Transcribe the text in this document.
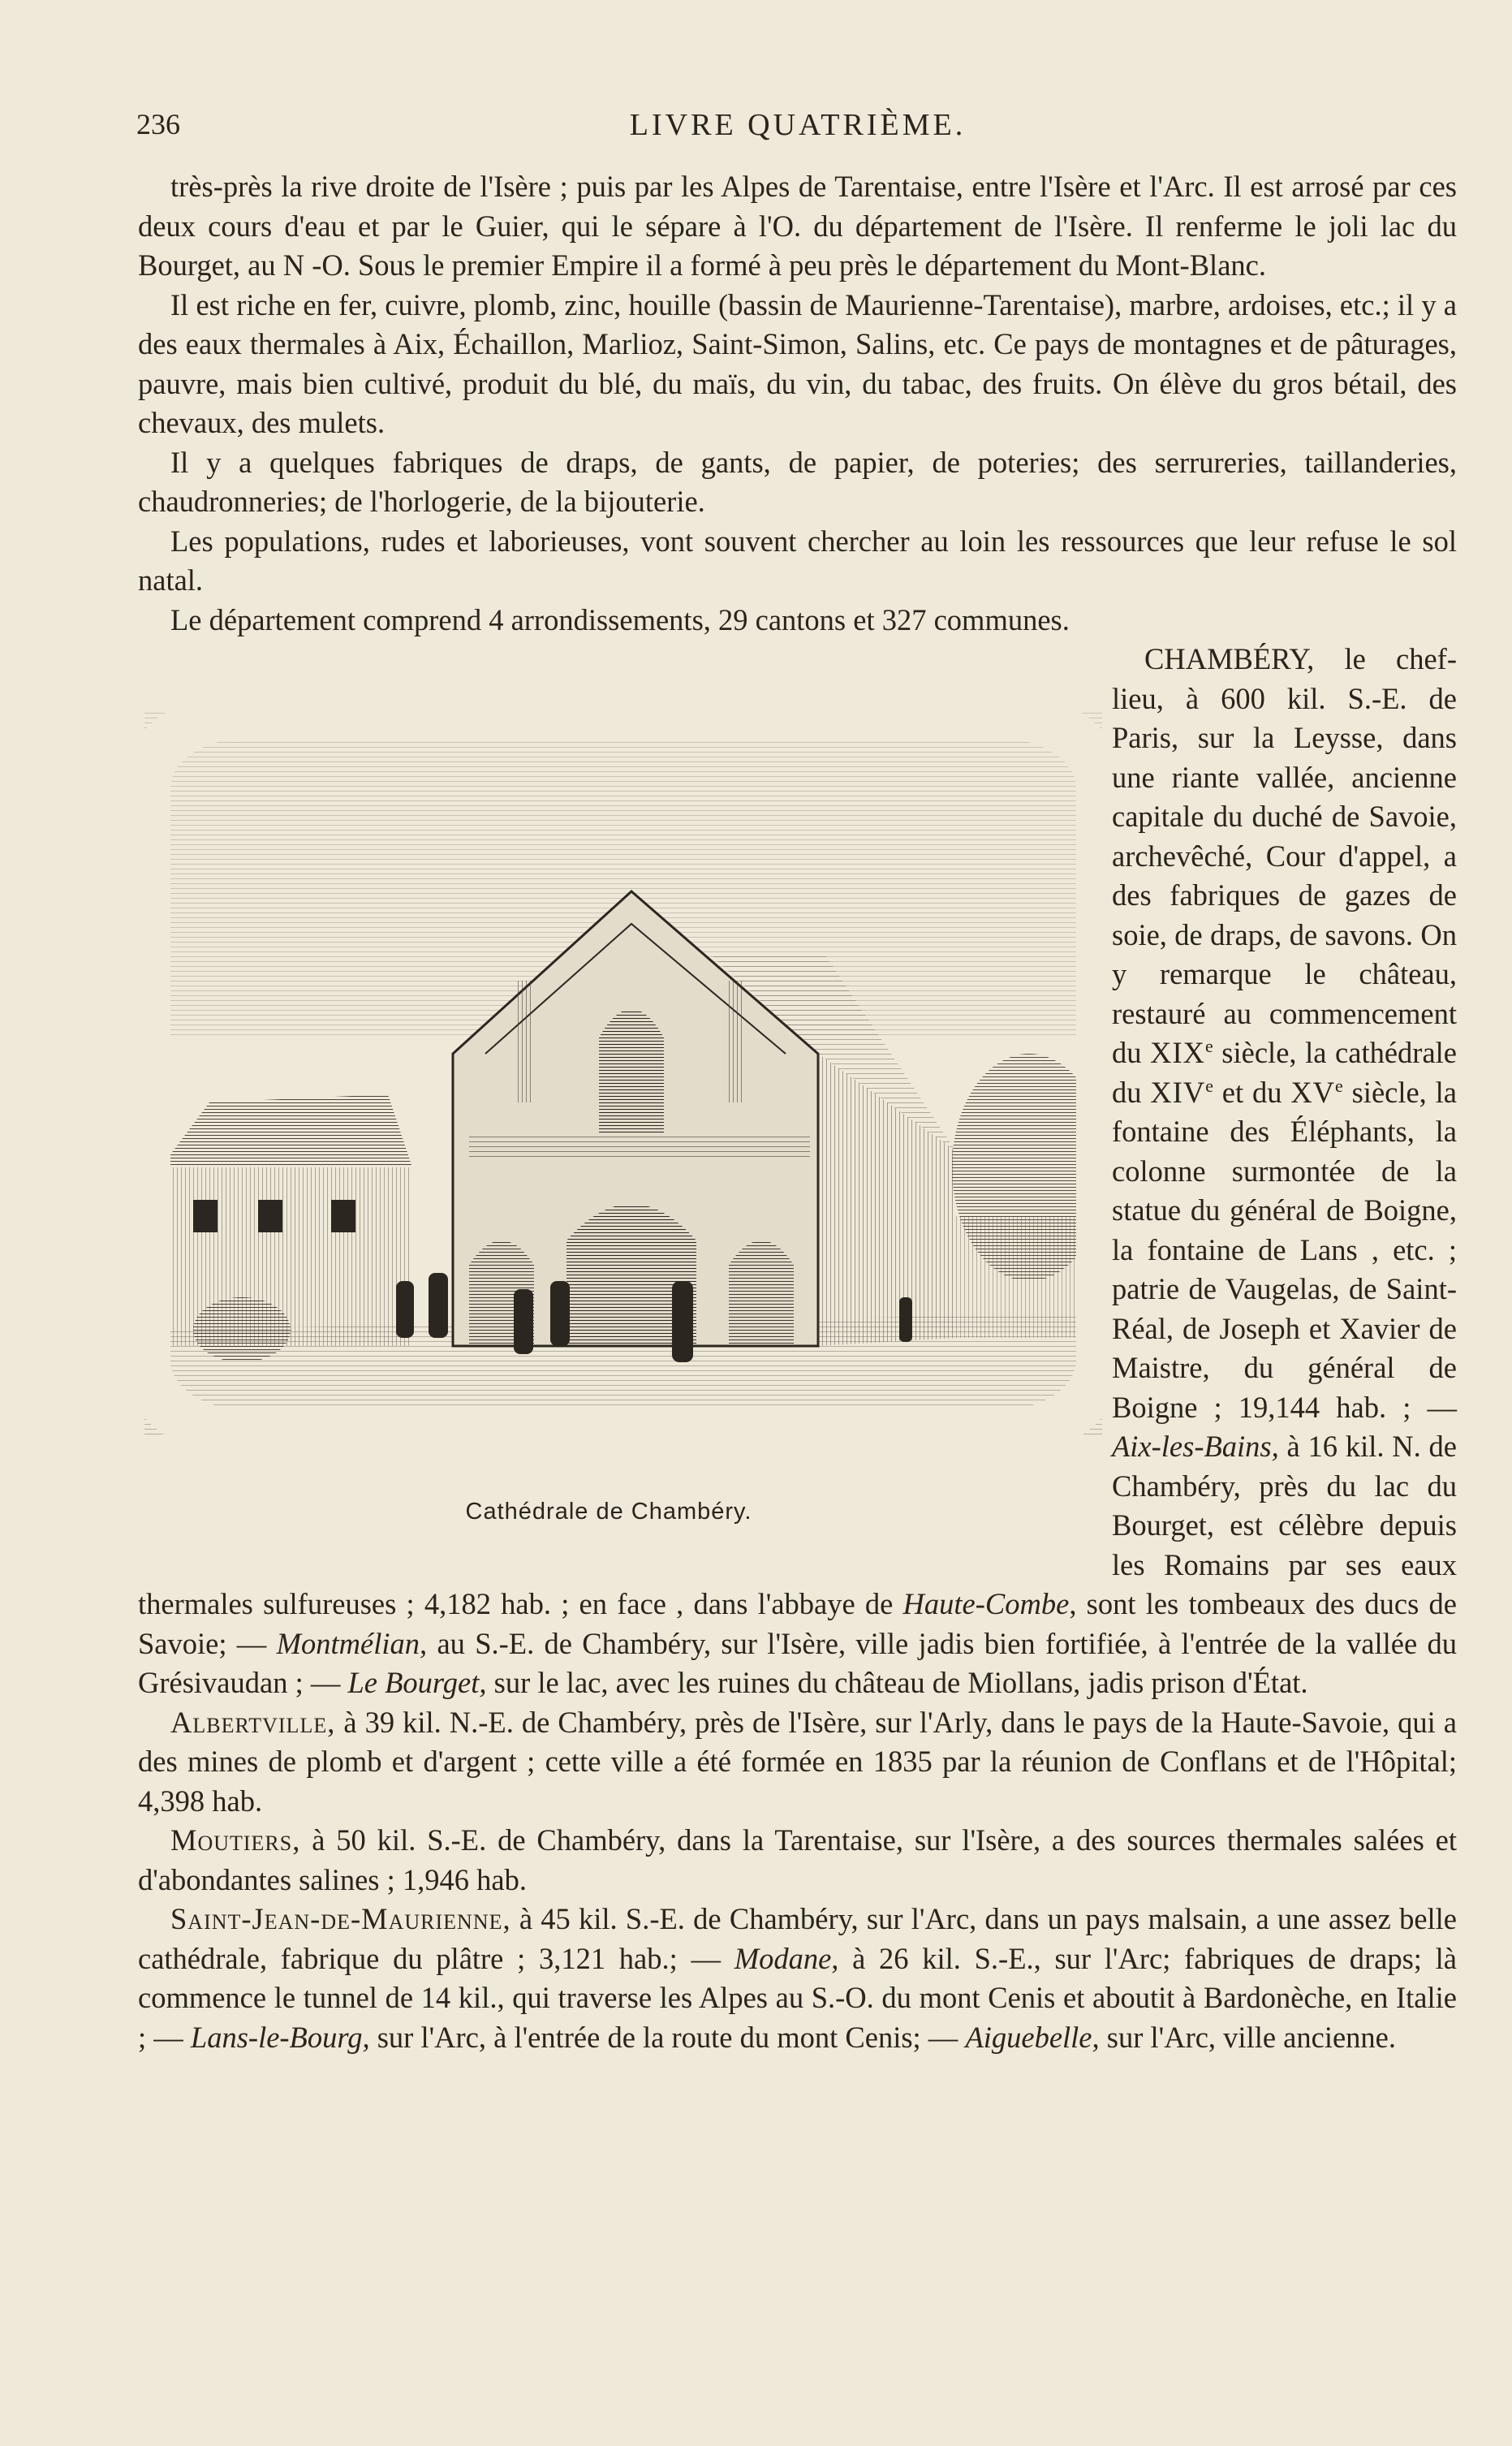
236	LIVRE QUATRIÈME.

très-près la rive droite de l'Isère ; puis par les Alpes de Tarentaise, entre l'Isère et l'Arc. Il est arrosé par ces deux cours d'eau et par le Guier, qui le sépare à l'O. du département de l'Isère. Il renferme le joli lac du Bourget, au N -O. Sous le premier Empire il a formé à peu près le département du Mont-Blanc.

Il est riche en fer, cuivre, plomb, zinc, houille (bassin de Maurienne-Tarentaise), marbre, ardoises, etc.; il y a des eaux thermales à Aix, Échaillon, Marlioz, Saint-Simon, Salins, etc. Ce pays de montagnes et de pâturages, pauvre, mais bien cultivé, produit du blé, du maïs, du vin, du tabac, des fruits. On élève du gros bétail, des chevaux, des mulets.

Il y a quelques fabriques de draps, de gants, de papier, de poteries; des serrureries, taillanderies, chaudronneries; de l'horlogerie, de la bijouterie.

Les populations, rudes et laborieuses, vont souvent chercher au loin les ressources que leur refuse le sol natal.

Le département comprend 4 arrondissements, 29 cantons et 327 communes.

Cathédrale de Chambéry.

CHAMBÉRY, le chef-lieu, à 600 kil. S.-E. de Paris, sur la Leysse, dans une riante vallée, ancienne capitale du duché de Savoie, archevêché, Cour d'appel, a des fabriques de gazes de soie, de draps, de savons. On y remarque le château, restauré au commencement du XIXe siècle, la cathédrale du XIVe et du XVe siècle, la fontaine des Éléphants, la colonne surmontée de la statue du général de Boigne, la fontaine de Lans , etc. ; patrie de Vaugelas, de Saint-Réal, de Joseph et Xavier de Maistre, du général de Boigne ; 19,144 hab. ; — Aix-les-Bains, à 16 kil. N. de Chambéry, près du lac du Bourget, est célèbre depuis les Romains par ses eaux thermales sulfureuses ; 4,182 hab. ; en face , dans l'abbaye de Haute-Combe, sont les tombeaux des ducs de Savoie; — Montmélian, au S.-E. de Chambéry, sur l'Isère, ville jadis bien fortifiée, à l'entrée de la vallée du Grésivaudan ; — Le Bourget, sur le lac, avec les ruines du château de Miollans, jadis prison d'État.

Albertville, à 39 kil. N.-E. de Chambéry, près de l'Isère, sur l'Arly, dans le pays de la Haute-Savoie, qui a des mines de plomb et d'argent ; cette ville a été formée en 1835 par la réunion de Conflans et de l'Hôpital; 4,398 hab.

Moutiers, à 50 kil. S.-E. de Chambéry, dans la Tarentaise, sur l'Isère, a des sources thermales salées et d'abondantes salines ; 1,946 hab.

Saint-Jean-de-Maurienne, à 45 kil. S.-E. de Chambéry, sur l'Arc, dans un pays malsain, a une assez belle cathédrale, fabrique du plâtre ; 3,121 hab.; — Modane, à 26 kil. S.-E., sur l'Arc; fabriques de draps; là commence le tunnel de 14 kil., qui traverse les Alpes au S.-O. du mont Cenis et aboutit à Bardonèche, en Italie ; — Lans-le-Bourg, sur l'Arc, à l'entrée de la route du mont Cenis; — Aiguebelle, sur l'Arc, ville ancienne.
